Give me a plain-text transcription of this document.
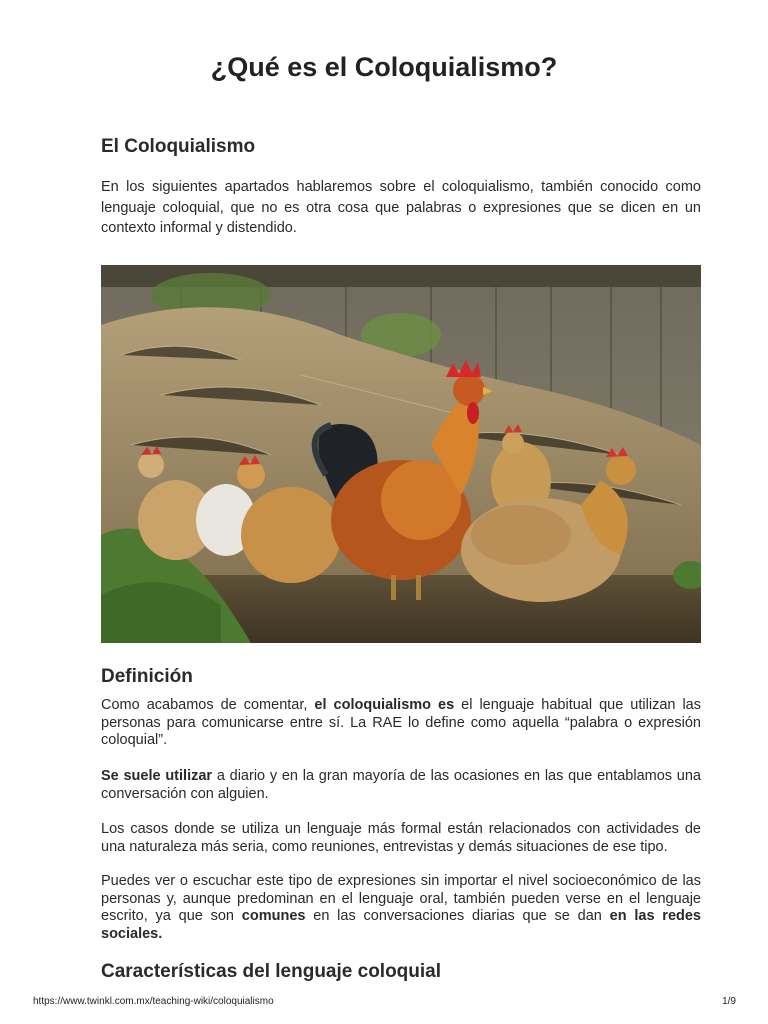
¿Qué es el Coloquialismo?
El Coloquialismo

En los siguientes apartados hablaremos sobre el coloquialismo, también conocido como lenguaje coloquial, que no es otra cosa que palabras o expresiones que se dicen en un contexto informal y distendido.

Definición

Como acabamos de comentar, el coloquialismo es el lenguaje habitual que utilizan las personas para comunicarse entre sí. La RAE lo define como aquella “palabra o expresión coloquial”.

Se suele utilizar a diario y en la gran mayoría de las ocasiones en las que entablamos una conversación con alguien.

Los casos donde se utiliza un lenguaje más formal están relacionados con actividades de una naturaleza más seria, como reuniones, entrevistas y demás situaciones de ese tipo.

Puedes ver o escuchar este tipo de expresiones sin importar el nivel socioeconómico de las personas y, aunque predominan en el lenguaje oral, también pueden verse en el lenguaje escrito, ya que son comunes en las conversaciones diarias que se dan en las redes sociales.

Características del lenguaje coloquial
https://www.twinkl.com.mx/teaching-wiki/coloquialismo	1/9
